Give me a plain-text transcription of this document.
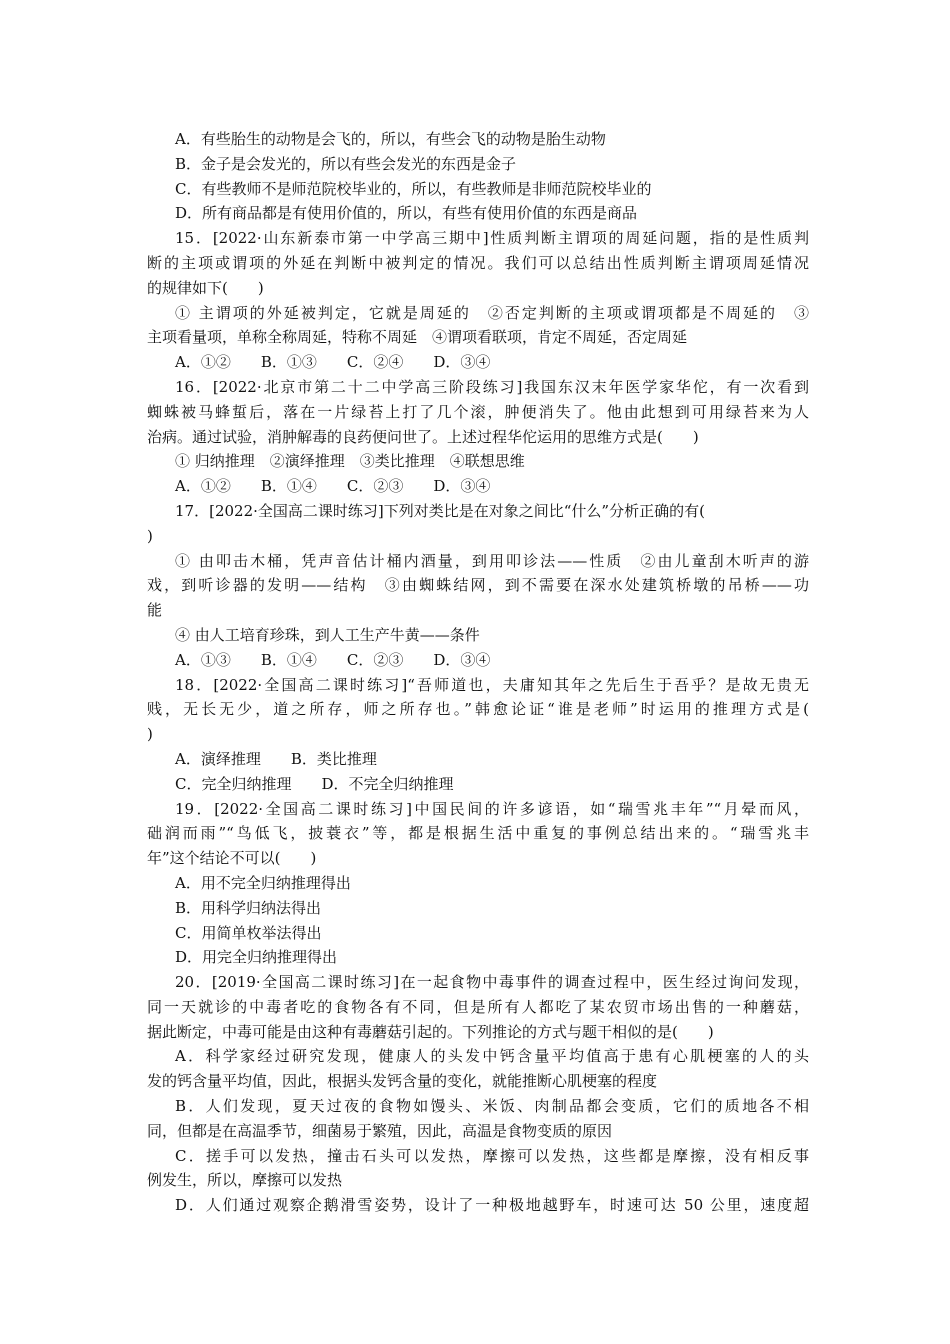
A．有些胎生的动物是会飞的，所以，有些会飞的动物是胎生动物
B．金子是会发光的，所以有些会发光的东西是金子
C．有些教师不是师范院校毕业的，所以，有些教师是非师范院校毕业的
D．所有商品都是有使用价值的，所以，有些有使用价值的东西是商品
15．[2022·山东新泰市第一中学高三期中]性质判断主谓项的周延问题，指的是性质判
断的主项或谓项的外延在判断中被判定的情况。我们可以总结出性质判断主谓项周延情况
的规律如下(　　)
① 主谓项的外延被判定，它就是周延的　②否定判断的主项或谓项都是不周延的　③
主项看量项，单称全称周延，特称不周延　④谓项看联项，肯定不周延，否定周延
A．①②　　B．①③　　C．②④　　D．③④
16．[2022·北京市第二十二中学高三阶段练习]我国东汉末年医学家华佗，有一次看到
蜘蛛被马蜂蜇后，落在一片绿苔上打了几个滚，肿便消失了。他由此想到可用绿苔来为人
治病。通过试验，消肿解毒的良药便问世了。上述过程华佗运用的思维方式是(　　)
① 归纳推理　②演绎推理　③类比推理　④联想思维
A．①②　　B．①④　　C．②③　　D．③④
17．[2022·全国高二课时练习]下列对类比是在对象之间比“什么”分析正确的有(
)
① 由叩击木桶，凭声音估计桶内酒量，到用叩诊法——性质　②由儿童刮木听声的游
戏，到听诊器的发明——结构　③由蜘蛛结网，到不需要在深水处建筑桥墩的吊桥——功
能
④ 由人工培育珍珠，到人工生产牛黄——条件
A．①③　　B．①④　　C．②③　　D．③④
18．[2022·全国高二课时练习]“吾师道也，夫庸知其年之先后生于吾乎？是故无贵无
贱，无长无少，道之所存，师之所存也。”韩愈论证“谁是老师”时运用的推理方式是(
)
A．演绎推理　　B．类比推理
C．完全归纳推理　　D．不完全归纳推理
19．[2022·全国高二课时练习]中国民间的许多谚语，如“瑞雪兆丰年”“月晕而风，
础润而雨”“鸟低飞，披蓑衣”等，都是根据生活中重复的事例总结出来的。“瑞雪兆丰
年”这个结论不可以(　　)
A．用不完全归纳推理得出
B．用科学归纳法得出
C．用简单枚举法得出
D．用完全归纳推理得出
20．[2019·全国高二课时练习]在一起食物中毒事件的调查过程中，医生经过询问发现，
同一天就诊的中毒者吃的食物各有不同，但是所有人都吃了某农贸市场出售的一种蘑菇，
据此断定，中毒可能是由这种有毒蘑菇引起的。下列推论的方式与题干相似的是(　　)
A．科学家经过研究发现，健康人的头发中钙含量平均值高于患有心肌梗塞的人的头
发的钙含量平均值，因此，根据头发钙含量的变化，就能推断心肌梗塞的程度
B．人们发现，夏天过夜的食物如馒头、米饭、肉制品都会变质，它们的质地各不相
同，但都是在高温季节，细菌易于繁殖，因此，高温是食物变质的原因
C．搓手可以发热，撞击石头可以发热，摩擦可以发热，这些都是摩擦，没有相反事
例发生，所以，摩擦可以发热
D．人们通过观察企鹅滑雪姿势，设计了一种极地越野车，时速可达 50 公里，速度超
